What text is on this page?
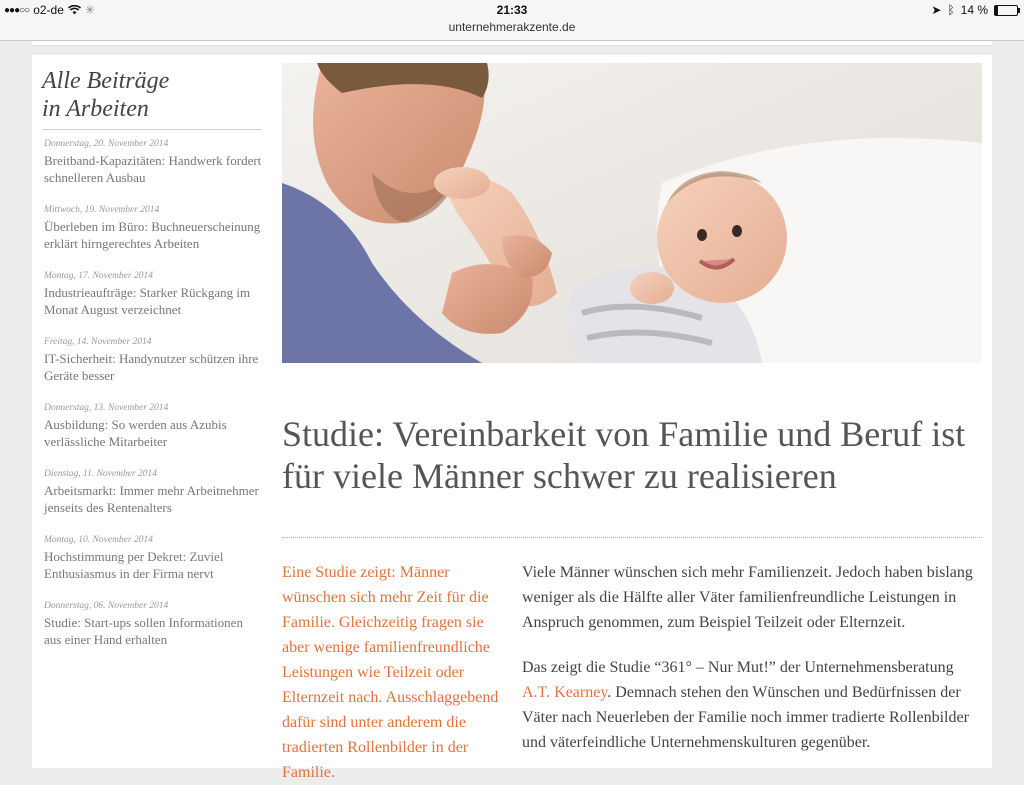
●●●○○ o2-de ✳	21:33	➤ ᛒ 14 %
unternehmerakzente.de
Alle Beiträge
in Arbeiten
Donnerstag, 20. November 2014
Breitband-Kapazitäten: Handwerk fordert schnelleren Ausbau
Mittwoch, 19. November 2014
Überleben im Büro: Buchneuerscheinung erklärt hirngerechtes Arbeiten
Montag, 17. November 2014
Industrieaufträge: Starker Rückgang im Monat August verzeichnet
Freitag, 14. November 2014
IT-Sicherheit: Handynutzer schützen ihre Geräte besser
Donnerstag, 13. November 2014
Ausbildung: So werden aus Azubis verlässliche Mitarbeiter
Dienstag, 11. November 2014
Arbeitsmarkt: Immer mehr Arbeitnehmer jenseits des Rentenalters
Montag, 10. November 2014
Hochstimmung per Dekret: Zuviel Enthusiasmus in der Firma nervt
Donnerstag, 06. November 2014
Studie: Start-ups sollen Informationen aus einer Hand erhalten
Studie: Vereinbarkeit von Familie und Beruf ist für viele Männer schwer zu realisieren
Eine Studie zeigt: Männer wünschen sich mehr Zeit für die Familie. Gleichzeitig fragen sie aber wenige familienfreundliche Leistungen wie Teilzeit oder Elternzeit nach. Ausschlaggebend dafür sind unter anderem die tradierten Rollenbilder in der Familie.

Viele Männer wünschen sich mehr Familienzeit. Jedoch haben bislang weniger als die Hälfte aller Väter familienfreundliche Leistungen in Anspruch genommen, zum Beispiel Teilzeit oder Elternzeit.

Das zeigt die Studie “361° – Nur Mut!” der Unternehmensberatung A.T. Kearney. Demnach stehen den Wünschen und Bedürfnissen der Väter nach Neuerleben der Familie noch immer tradierte Rollenbilder und väterfeindliche Unternehmenskulturen gegenüber.
